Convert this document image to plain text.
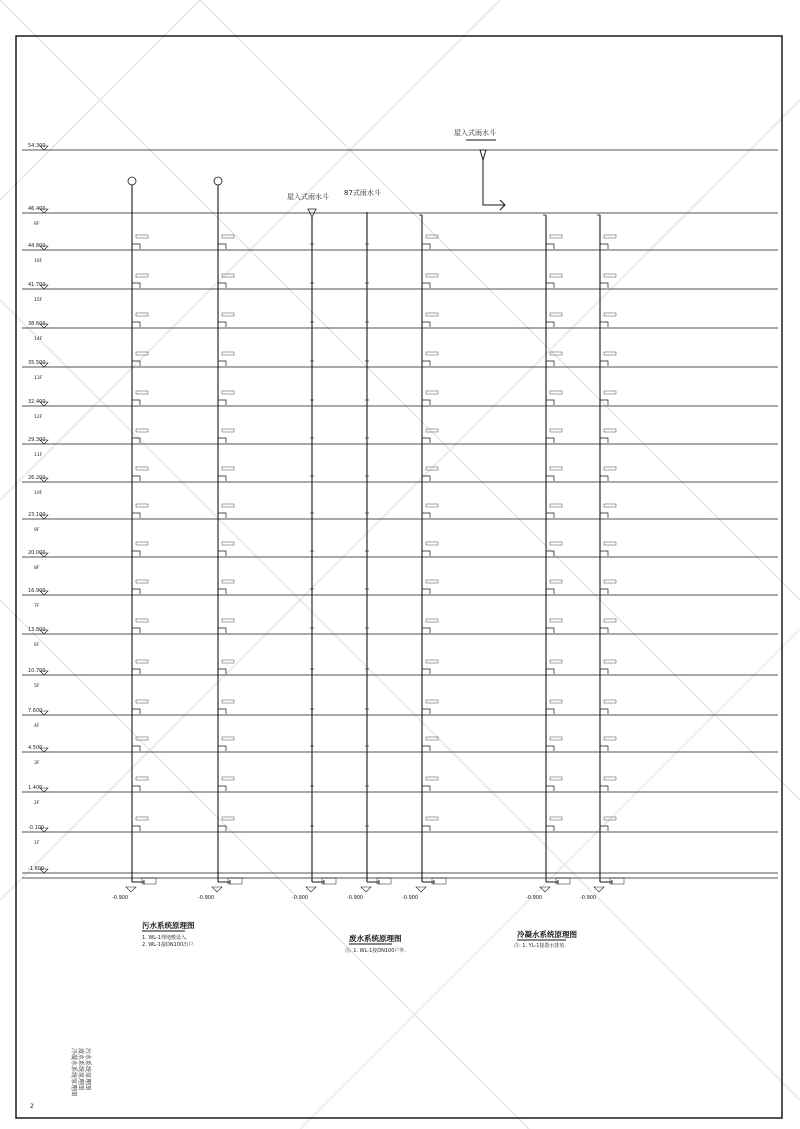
54.300
46.400
RF
44.800
16F
41.700
15F
38.600
14F
35.500
13F
32.400
12F
29.300
11F
26.200
10F
23.100
9F
20.000
8F
16.900
7F
13.800
6F
10.700
5F
7.600
4F
4.500
3F
1.400
2F
-0.100
1F
-1.600
-0.900	-0.900	-0.900	-0.900	-0.900	-0.900	-0.900
屋入式雨水斗
屋入式雨水斗 87式雨水斗
污水系统原理图
1. WL-1埋地敷设入.
2. WL-1接DN100出户.
废水系统原理图
注: 1. WL-1接DN100户外.
冷凝水系统原理图
注: 1. YL-1接散水排放.
污水系统原理图
废水系统原理图
冷凝水系统原理图
2
